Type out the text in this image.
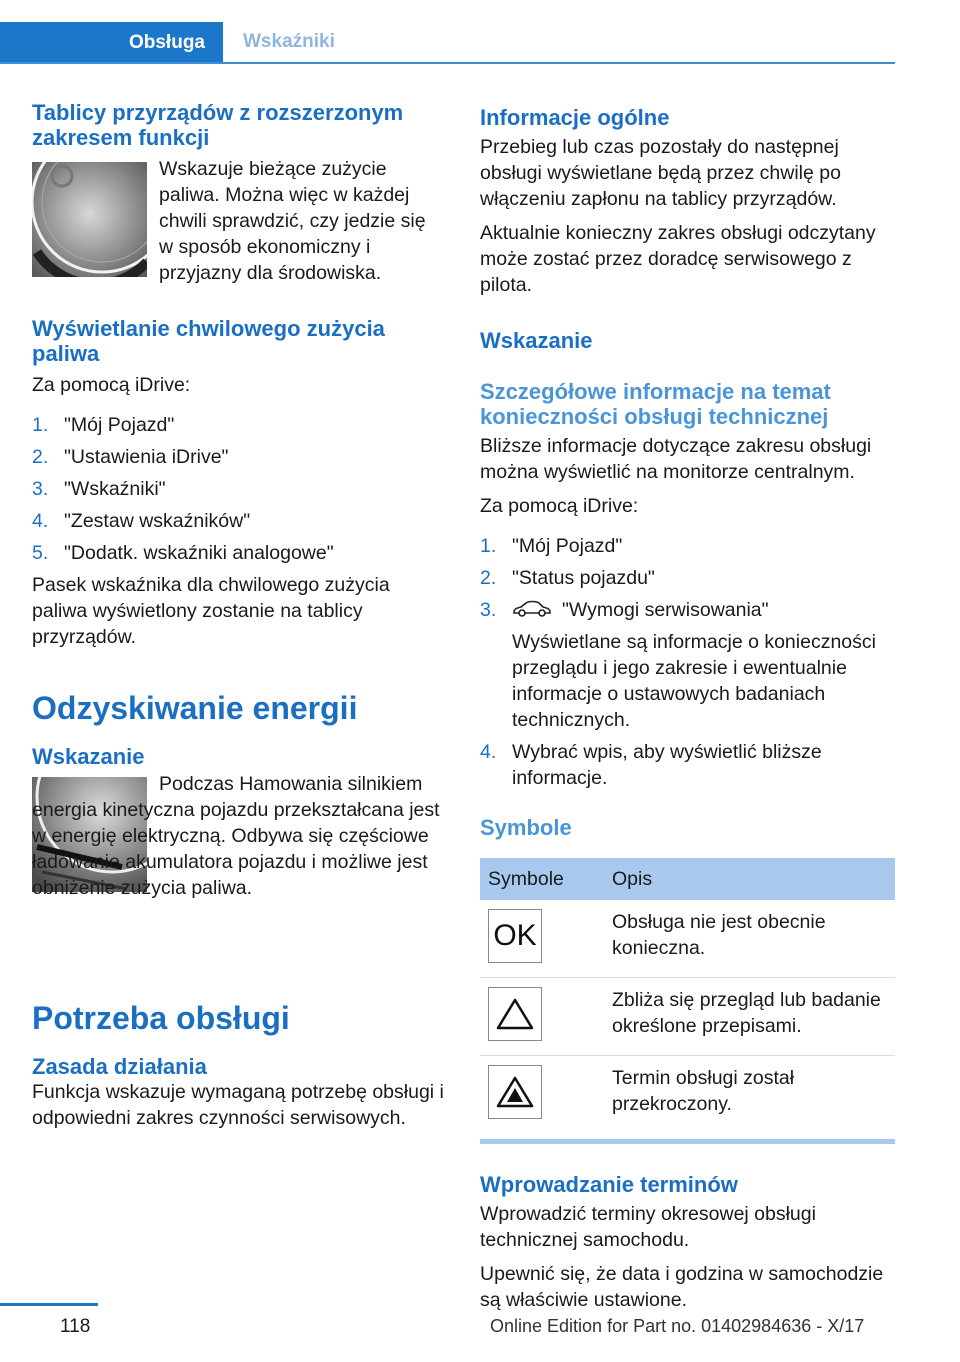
Obsługa	Wskaźniki
Tablicy przyrządów z rozszerzonym zakresem funkcji

Wskazuje bieżące zużycie paliwa. Można więc w każdej chwili sprawdzić, czy jedzie się w sposób ekonomiczny i przyjazny dla środowiska.

Wyświetlanie chwilowego zużycia paliwa

Za pomocą iDrive:

1. "Mój Pojazd"
2. "Ustawienia iDrive"
3. "Wskaźniki"
4. "Zestaw wskaźników"
5. "Dodatk. wskaźniki analogowe"

Pasek wskaźnika dla chwilowego zużycia paliwa wyświetlony zostanie na tablicy przyrządów.

Odzyskiwanie energii
Wskazanie

Podczas Hamowania silnikiem energia kinetyczna pojazdu przekształcana jest w energię elektryczną. Odbywa się częściowe ładowanie akumulatora pojazdu i możliwe jest obniżenie zużycia paliwa.

Potrzeba obsługi
Zasada działania

Funkcja wskazuje wymaganą potrzebę obsługi i odpowiedni zakres czynności serwisowych.

Informacje ogólne

Przebieg lub czas pozostały do następnej obsługi wyświetlane będą przez chwilę po włączeniu zapłonu na tablicy przyrządów.

Aktualnie konieczny zakres obsługi odczytany może zostać przez doradcę serwisowego z pilota.

Wskazanie
Szczegółowe informacje na temat konieczności obsługi technicznej

Bliższe informacje dotyczące zakresu obsługi można wyświetlić na monitorze centralnym.

Za pomocą iDrive:

1. "Mój Pojazd"
2. "Status pojazdu"
3.	"Wymogi serwisowania"

Wyświetlane są informacje o konieczności przeglądu i jego zakresie i ewentualnie informacje o ustawowych badaniach technicznych.
4. Wybrać wpis, aby wyświetlić bliższe informacje.
Symbole
Symbole	Opis

OK	Obsługa nie jest obecnie konieczna.

	Zbliża się przegląd lub badanie określone przepisami.

	Termin obsługi został przekroczony.
Wprowadzanie terminów

Wprowadzić terminy okresowej obsługi technicznej samochodu.

Upewnić się, że data i godzina w samochodzie są właściwie ustawione.

118	Online Edition for Part no. 01402984636 - X/17
